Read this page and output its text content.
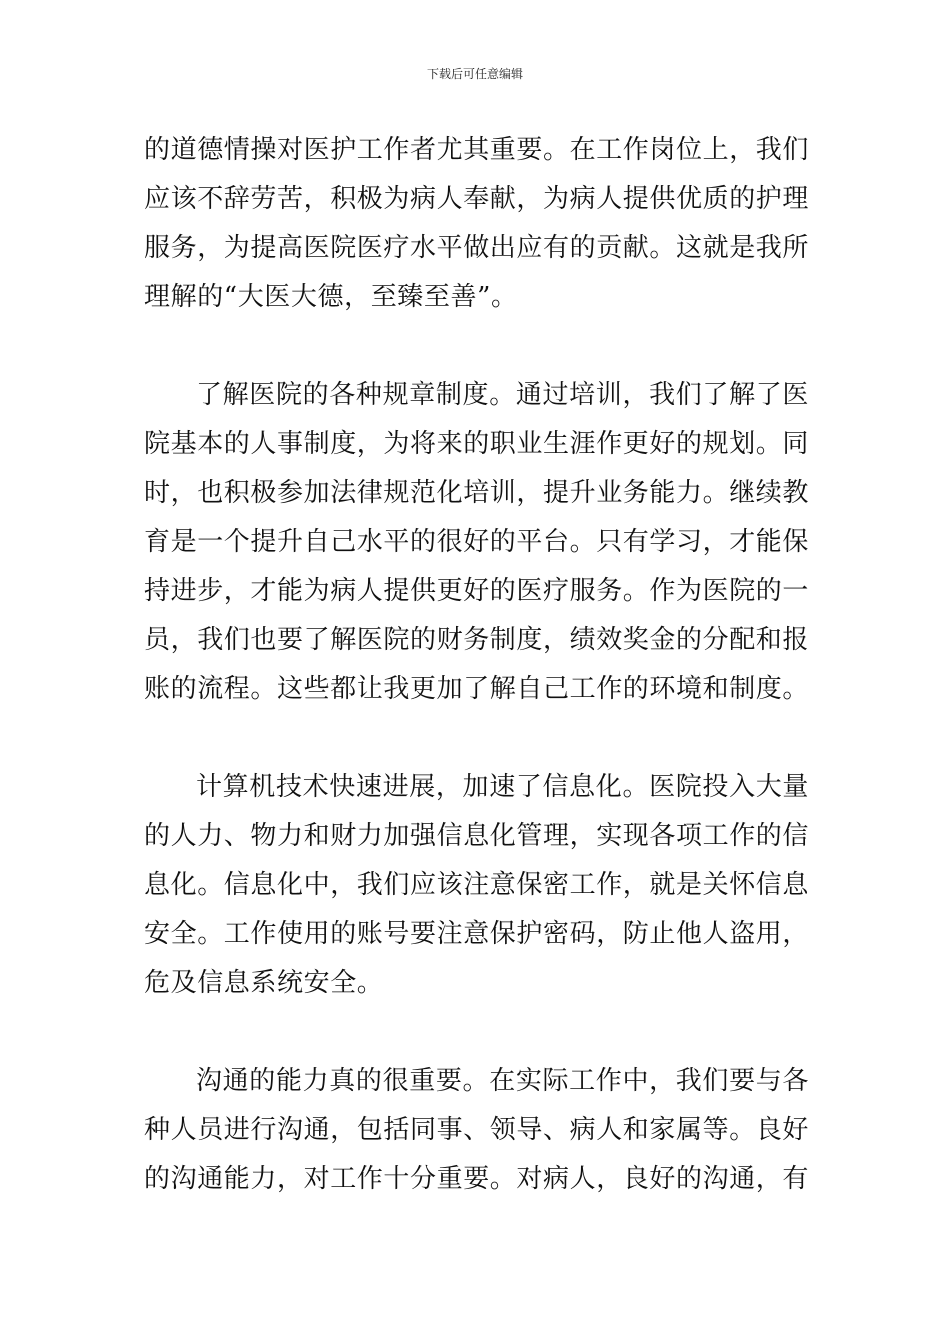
下载后可任意编辑

的道德情操对医护工作者尤其重要。在工作岗位上，我们应该不辞劳苦，积极为病人奉献，为病人提供优质的护理服务，为提高医院医疗水平做出应有的贡献。这就是我所理解的“大医大德，至臻至善”。

了解医院的各种规章制度。通过培训，我们了解了医院基本的人事制度，为将来的职业生涯作更好的规划。同时，也积极参加法律规范化培训，提升业务能力。继续教育是一个提升自己水平的很好的平台。只有学习，才能保持进步，才能为病人提供更好的医疗服务。作为医院的一员，我们也要了解医院的财务制度，绩效奖金的分配和报账的流程。这些都让我更加了解自己工作的环境和制度。

计算机技术快速进展，加速了信息化。医院投入大量的人力、物力和财力加强信息化管理，实现各项工作的信息化。信息化中，我们应该注意保密工作，就是关怀信息安全。工作使用的账号要注意保护密码，防止他人盗用，危及信息系统安全。

沟通的能力真的很重要。在实际工作中，我们要与各种人员进行沟通，包括同事、领导、病人和家属等。良好的沟通能力，对工作十分重要。对病人，良好的沟通，有
